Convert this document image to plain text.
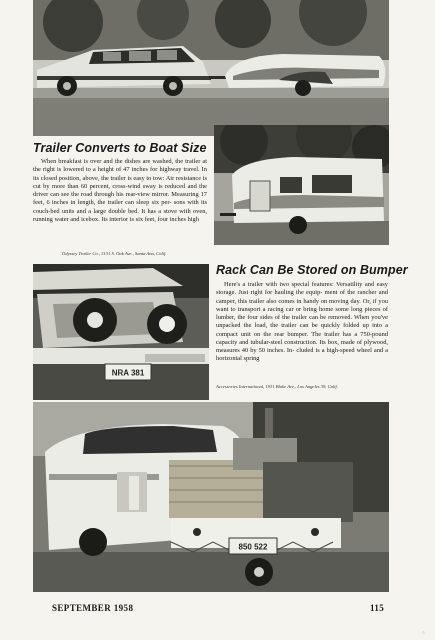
NRA 381
850 522
Trailer Converts to Boat Size
When breakfast is over and the dishes are washed, the trailer at the right is lowered to a height of 47 inches for highway travel. In its closed position, above, the trailer is easy to tow: Air resistance is cut by more than 60 percent, cross-wind sway is reduced and the driver can see the road through his rear-view mirror. Measuring 17 feet, 6 inches in length, the trailer can sleep six per- sons with its couch-bed units and a large double bed. It has a stove with oven, running water and icebox. Its interior is six feet, four inches high

Odyssey Trailer Co., 3131 S. Oak Ave., Santa Ana, Calif.

Rack Can Be Stored on Bumper
Here's a trailer with two special features: Versatility and easy storage. Just right for hauling the equip- ment of the rancher and camper, this trailer also comes in handy on moving day. Or, if you want to transport a racing car or bring home some long pieces of lumber, the four sides of the trailer can be removed. When you've unpacked the load, the trailer can be quickly folded up into a compact unit on the rear bumper. The trailer has a 750-pound capacity and tubular-steel construction. Its box, made of plywood, measures 40 by 50 inches. In- cluded is a high-speed wheel and a horizontal spring

Accessories International, 1931 Blake Ave., Los Angeles 39, Calif.

SEPTEMBER 1958	115

©
